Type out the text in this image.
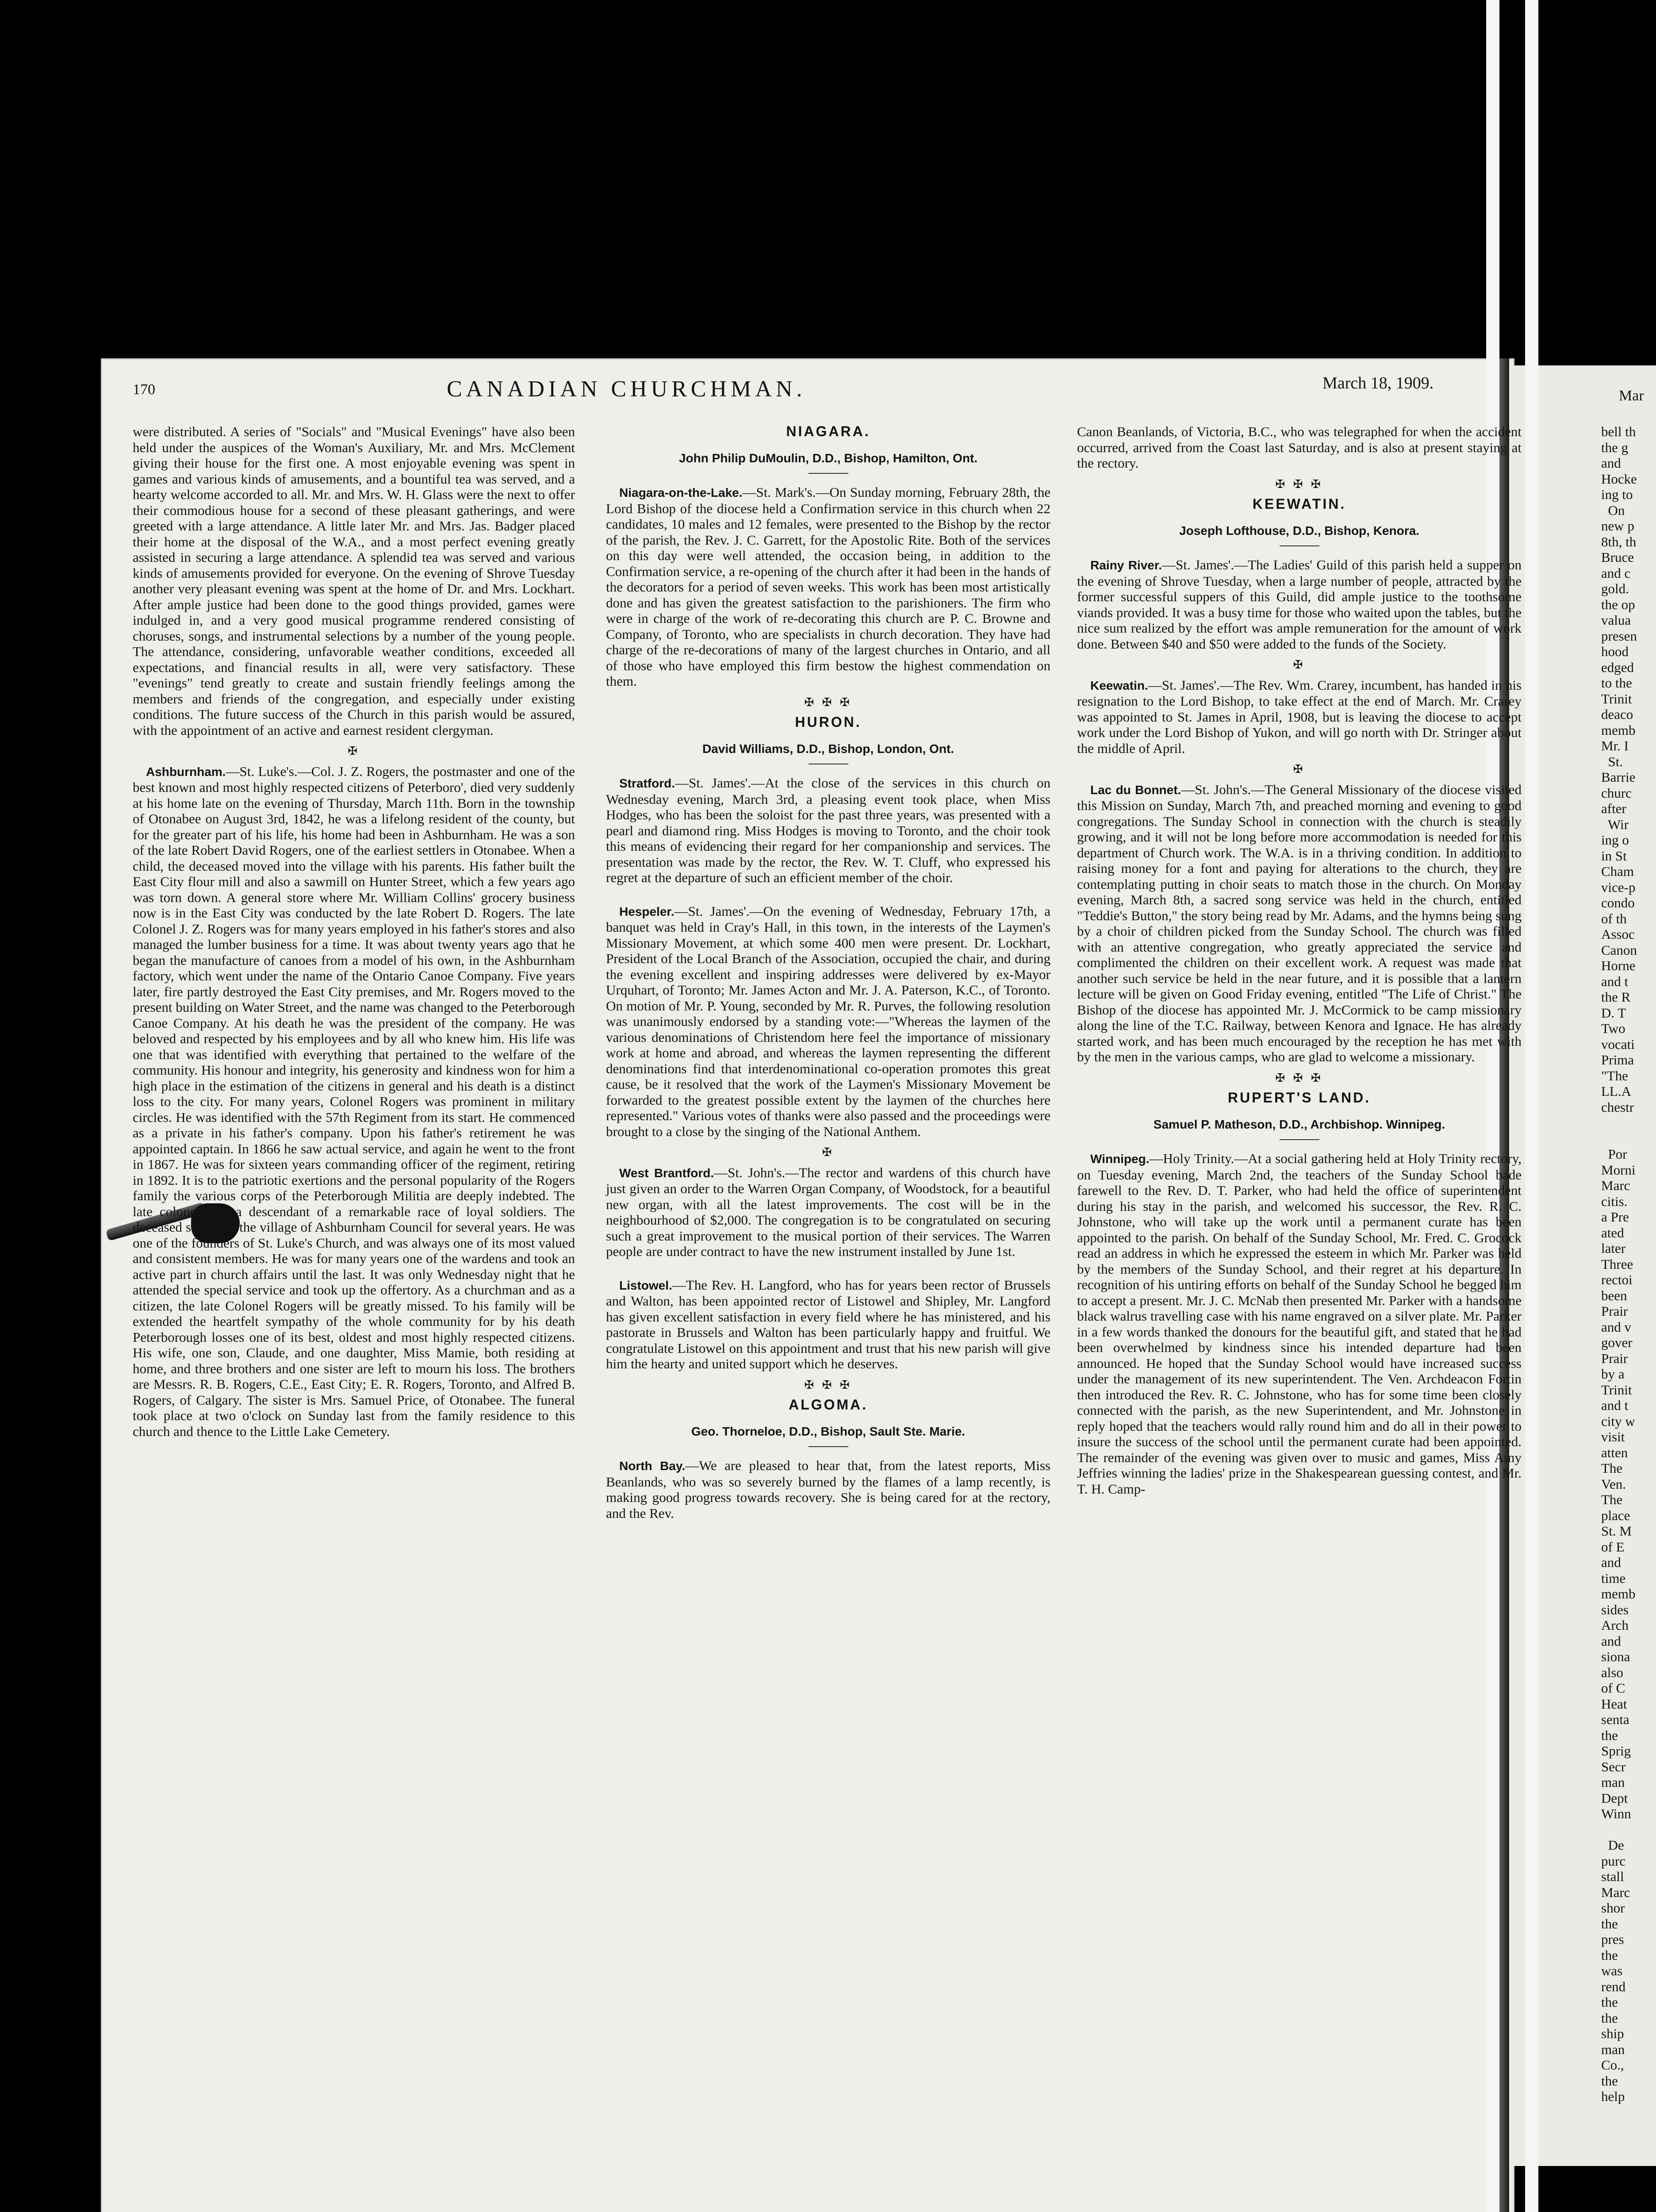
170	CANADIAN CHURCHMAN.	March 18, 1909.
Mar

were distributed. A series of "Socials" and "Musical Evenings" have also been held under the auspices of the Woman's Auxiliary, Mr. and Mrs. McClement giving their house for the first one. A most enjoyable evening was spent in games and various kinds of amusements, and a bountiful tea was served, and a hearty welcome accorded to all. Mr. and Mrs. W. H. Glass were the next to offer their commodious house for a second of these pleasant gatherings, and were greeted with a large attendance. A little later Mr. and Mrs. Jas. Badger placed their home at the disposal of the W.A., and a most perfect evening greatly assisted in securing a large attendance. A splendid tea was served and various kinds of amusements provided for everyone. On the evening of Shrove Tuesday another very pleasant evening was spent at the home of Dr. and Mrs. Lockhart. After ample justice had been done to the good things provided, games were indulged in, and a very good musical programme rendered consisting of choruses, songs, and instrumental selections by a number of the young people. The attendance, considering, unfavorable weather conditions, exceeded all expectations, and financial results in all, were very satisfactory. These "evenings" tend greatly to create and sustain friendly feelings among the members and friends of the congregation, and especially under existing conditions. The future success of the Church in this parish would be assured, with the appointment of an active and earnest resident clergyman.

✠

Ashburnham.—St. Luke's.—Col. J. Z. Rogers, the postmaster and one of the best known and most highly respected citizens of Peterboro', died very suddenly at his home late on the evening of Thursday, March 11th. Born in the township of Otonabee on August 3rd, 1842, he was a lifelong resident of the county, but for the greater part of his life, his home had been in Ashburnham. He was a son of the late Robert David Rogers, one of the earliest settlers in Otonabee. When a child, the deceased moved into the village with his parents. His father built the East City flour mill and also a sawmill on Hunter Street, which a few years ago was torn down. A general store where Mr. William Collins' grocery business now is in the East City was conducted by the late Robert D. Rogers. The late Colonel J. Z. Rogers was for many years employed in his father's stores and also managed the lumber business for a time. It was about twenty years ago that he began the manufacture of canoes from a model of his own, in the Ashburnham factory, which went under the name of the Ontario Canoe Company. Five years later, fire partly destroyed the East City premises, and Mr. Rogers moved to the present building on Water Street, and the name was changed to the Peterborough Canoe Company. At his death he was the president of the company. He was beloved and respected by his employees and by all who knew him. His life was one that was identified with everything that pertained to the welfare of the community. His honour and integrity, his generosity and kindness won for him a high place in the estimation of the citizens in general and his death is a distinct loss to the city. For many years, Colonel Rogers was prominent in military circles. He was identified with the 57th Regiment from its start. He commenced as a private in his father's company. Upon his father's retirement he was appointed captain. In 1866 he saw actual service, and again he went to the front in 1867. He was for sixteen years commanding officer of the regiment, retiring in 1892. It is to the patriotic exertions and the personal popularity of the Rogers family the various corps of the Peterborough Militia are deeply indebted. The late colonel was a descendant of a remarkable race of loyal soldiers. The deceased served in the village of Ashburnham Council for several years. He was one of the founders of St. Luke's Church, and was always one of its most valued and consistent members. He was for many years one of the wardens and took an active part in church affairs until the last. It was only Wednesday night that he attended the special service and took up the offertory. As a churchman and as a citizen, the late Colonel Rogers will be greatly missed. To his family will be extended the heartfelt sympathy of the whole community for by his death Peterborough losses one of its best, oldest and most highly respected citizens. His wife, one son, Claude, and one daughter, Miss Mamie, both residing at home, and three brothers and one sister are left to mourn his loss. The brothers are Messrs. R. B. Rogers, C.E., East City; E. R. Rogers, Toronto, and Alfred B. Rogers, of Calgary. The sister is Mrs. Samuel Price, of Otonabee. The funeral took place at two o'clock on Sunday last from the family residence to this church and thence to the Little Lake Cemetery.

NIAGARA.
John Philip DuMoulin, D.D., Bishop, Hamilton, Ont.

Niagara-on-the-Lake.—St. Mark's.—On Sunday morning, February 28th, the Lord Bishop of the diocese held a Confirmation service in this church when 22 candidates, 10 males and 12 females, were presented to the Bishop by the rector of the parish, the Rev. J. C. Garrett, for the Apostolic Rite. Both of the services on this day were well attended, the occasion being, in addition to the Confirmation service, a re-opening of the church after it had been in the hands of the decorators for a period of seven weeks. This work has been most artistically done and has given the greatest satisfaction to the parishioners. The firm who were in charge of the work of re-decorating this church are P. C. Browne and Company, of Toronto, who are specialists in church decoration. They have had charge of the re-decorations of many of the largest churches in Ontario, and all of those who have employed this firm bestow the highest commendation on them.

✠ ✠ ✠
HURON.
David Williams, D.D., Bishop, London, Ont.

Stratford.—St. James'.—At the close of the services in this church on Wednesday evening, March 3rd, a pleasing event took place, when Miss Hodges, who has been the soloist for the past three years, was presented with a pearl and diamond ring. Miss Hodges is moving to Toronto, and the choir took this means of evidencing their regard for her companionship and services. The presentation was made by the rector, the Rev. W. T. Cluff, who expressed his regret at the departure of such an efficient member of the choir.

Hespeler.—St. James'.—On the evening of Wednesday, February 17th, a banquet was held in Cray's Hall, in this town, in the interests of the Laymen's Missionary Movement, at which some 400 men were present. Dr. Lockhart, President of the Local Branch of the Association, occupied the chair, and during the evening excellent and inspiring addresses were delivered by ex-Mayor Urquhart, of Toronto; Mr. James Acton and Mr. J. A. Paterson, K.C., of Toronto. On motion of Mr. P. Young, seconded by Mr. R. Purves, the following resolution was unanimously endorsed by a standing vote:—"Whereas the laymen of the various denominations of Christendom here feel the importance of missionary work at home and abroad, and whereas the laymen representing the different denominations find that interdenominational co-operation promotes this great cause, be it resolved that the work of the Laymen's Missionary Movement be forwarded to the greatest possible extent by the laymen of the churches here represented." Various votes of thanks were also passed and the proceedings were brought to a close by the singing of the National Anthem.

✠

West Brantford.—St. John's.—The rector and wardens of this church have just given an order to the Warren Organ Company, of Woodstock, for a beautiful new organ, with all the latest improvements. The cost will be in the neighbourhood of $2,000. The congregation is to be congratulated on securing such a great improvement to the musical portion of their services. The Warren people are under contract to have the new instrument installed by June 1st.

Listowel.—The Rev. H. Langford, who has for years been rector of Brussels and Walton, has been appointed rector of Listowel and Shipley, Mr. Langford has given excellent satisfaction in every field where he has ministered, and his pastorate in Brussels and Walton has been particularly happy and fruitful. We congratulate Listowel on this appointment and trust that his new parish will give him the hearty and united support which he deserves.

✠ ✠ ✠
ALGOMA.
Geo. Thorneloe, D.D., Bishop, Sault Ste. Marie.

North Bay.—We are pleased to hear that, from the latest reports, Miss Beanlands, who was so severely burned by the flames of a lamp recently, is making good progress towards recovery. She is being cared for at the rectory, and the Rev.

Canon Beanlands, of Victoria, B.C., who was telegraphed for when the accident occurred, arrived from the Coast last Saturday, and is also at present staying at the rectory.

✠ ✠ ✠
KEEWATIN.
Joseph Lofthouse, D.D., Bishop, Kenora.

Rainy River.—St. James'.—The Ladies' Guild of this parish held a supper on the evening of Shrove Tuesday, when a large number of people, attracted by the former successful suppers of this Guild, did ample justice to the toothsome viands provided. It was a busy time for those who waited upon the tables, but the nice sum realized by the effort was ample remuneration for the amount of work done. Between $40 and $50 were added to the funds of the Society.

✠

Keewatin.—St. James'.—The Rev. Wm. Crarey, incumbent, has handed in his resignation to the Lord Bishop, to take effect at the end of March. Mr. Crarey was appointed to St. James in April, 1908, but is leaving the diocese to accept work under the Lord Bishop of Yukon, and will go north with Dr. Stringer about the middle of April.

✠

Lac du Bonnet.—St. John's.—The General Missionary of the diocese visited this Mission on Sunday, March 7th, and preached morning and evening to good congregations. The Sunday School in connection with the church is steadily growing, and it will not be long before more accommodation is needed for this department of Church work. The W.A. is in a thriving condition. In addition to raising money for a font and paying for alterations to the church, they are contemplating putting in choir seats to match those in the church. On Monday evening, March 8th, a sacred song service was held in the church, entitled "Teddie's Button," the story being read by Mr. Adams, and the hymns being sung by a choir of children picked from the Sunday School. The church was filled with an attentive congregation, who greatly appreciated the service and complimented the children on their excellent work. A request was made that another such service be held in the near future, and it is possible that a lantern lecture will be given on Good Friday evening, entitled "The Life of Christ." The Bishop of the diocese has appointed Mr. J. McCormick to be camp missionary along the line of the T.C. Railway, between Kenora and Ignace. He has already started work, and has been much encouraged by the reception he has met with by the men in the various camps, who are glad to welcome a missionary.

✠ ✠ ✠
RUPERT'S LAND.
Samuel P. Matheson, D.D., Archbishop. Winnipeg.

Winnipeg.—Holy Trinity.—At a social gathering held at Holy Trinity rectory, on Tuesday evening, March 2nd, the teachers of the Sunday School bade farewell to the Rev. D. T. Parker, who had held the office of superintendent during his stay in the parish, and welcomed his successor, the Rev. R. C. Johnstone, who will take up the work until a permanent curate has been appointed to the parish. On behalf of the Sunday School, Mr. Fred. C. Grocock read an address in which he expressed the esteem in which Mr. Parker was held by the members of the Sunday School, and their regret at his departure. In recognition of his untiring efforts on behalf of the Sunday School he begged him to accept a present. Mr. J. C. McNab then presented Mr. Parker with a handsome black walrus travelling case with his name engraved on a silver plate. Mr. Parker in a few words thanked the donours for the beautiful gift, and stated that he had been overwhelmed by kindness since his intended departure had been announced. He hoped that the Sunday School would have increased success under the management of its new superintendent. The Ven. Archdeacon Fortin then introduced the Rev. R. C. Johnstone, who has for some time been closely connected with the parish, as the new Superintendent, and Mr. Johnstone in reply hoped that the teachers would rally round him and do all in their power to insure the success of the school until the permanent curate had been appointed. The remainder of the evening was given over to music and games, Miss Amy Jeffries winning the ladies' prize in the Shakespearean guessing contest, and Mr. T. H. Camp-

bell th
the g
and
Hocke
ing to
On
new p
8th, th
Bruce
and c
gold.
the op
valua
presen
hood
edged
to the
Trinit
deaco
memb
Mr. I
St.
Barrie
churc
after
Wir
ing o
in St
Cham
vice-p
condo
of th
Assoc
Canon
Horne
and t
the R
D. T
Two
vocati
Prima
"The
LL.A
chestr

Por
Morni
Marc
citis.
a Pre
ated
later
Three
rectoi
been
Prair
and v
gover
Prair
by a
Trinit
and t
city w
visit
atten
The
Ven.
The
place
St. M
of E
and
time
memb
sides
Arch
and
siona
also
of C
Heat
senta
the
Sprig
Secr
man
Dept
Winn

De
purc
stall
Marc
shor
the
pres
the
was
rend
the
the
ship
man
Co.,
the
help
